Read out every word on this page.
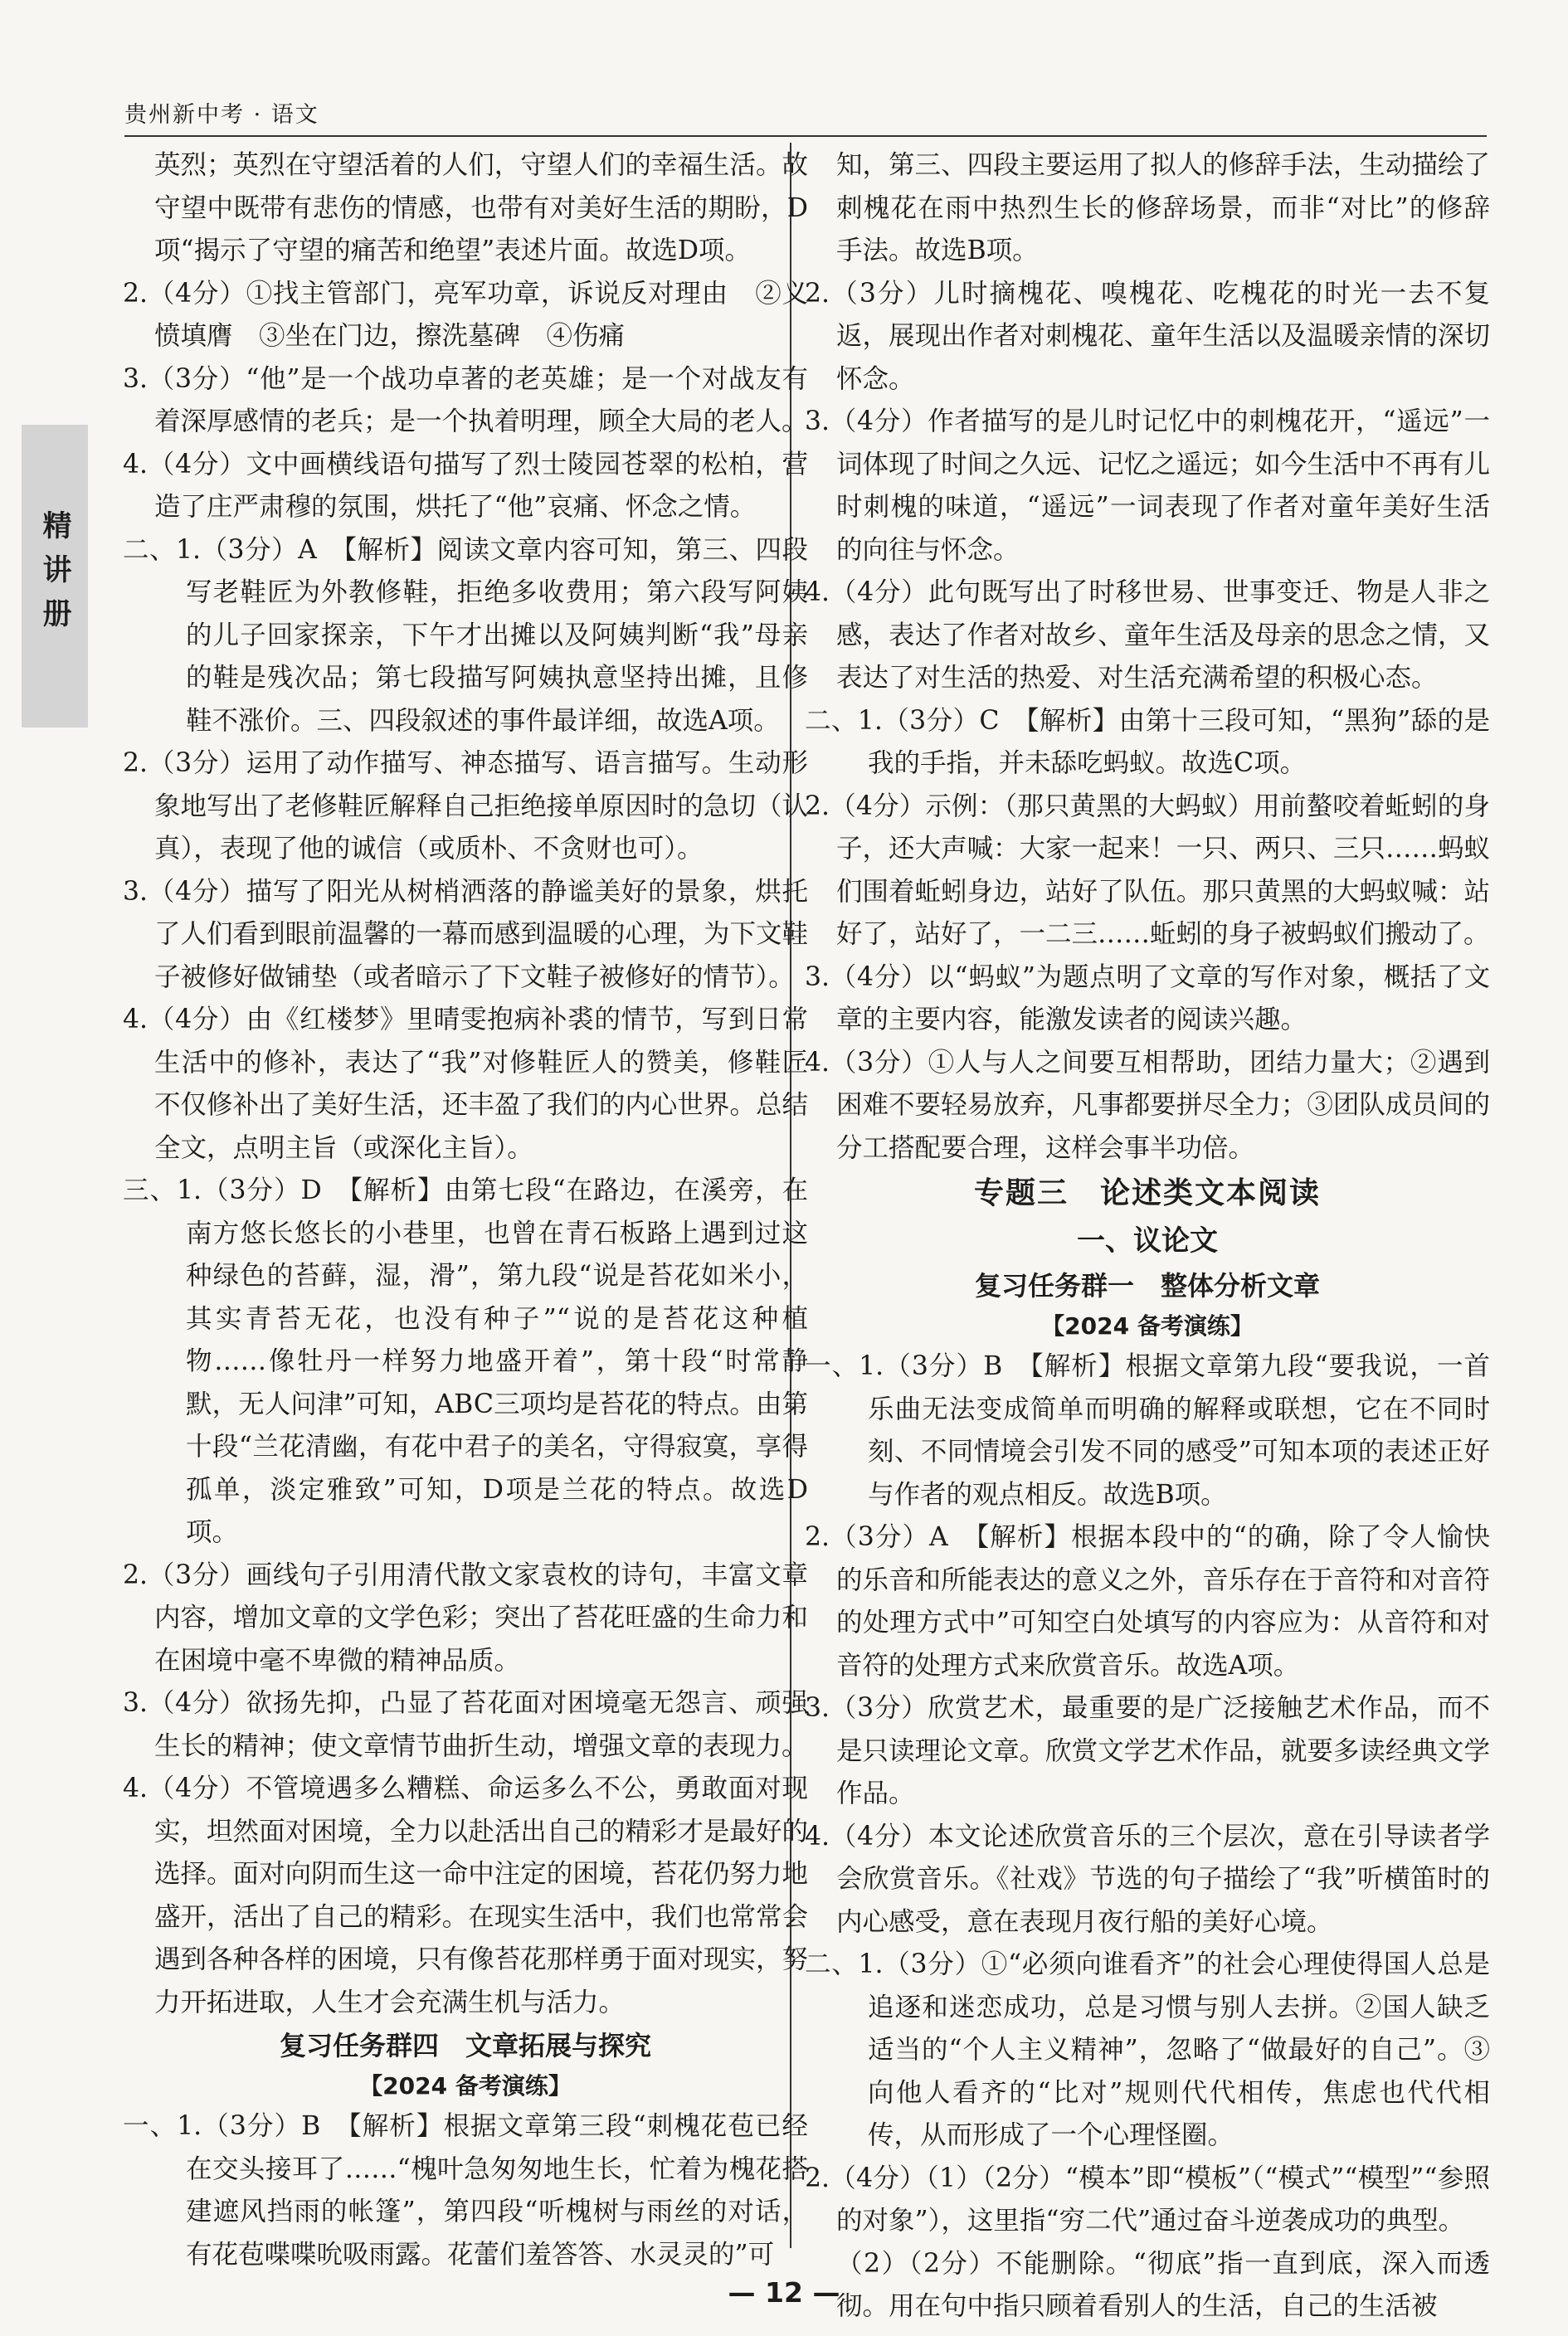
贵州新中考 · 语文
精讲册

英烈；英烈在守望活着的人们，守望人们的幸福生活。故守望中既带有悲伤的情感，也带有对美好生活的期盼，D项“揭示了守望的痛苦和绝望”表述片面。故选D项。

2.（4分）①找主管部门，亮军功章，诉说反对理由　②义愤填膺　③坐在门边，擦洗墓碑　④伤痛

3.（3分）“他”是一个战功卓著的老英雄；是一个对战友有着深厚感情的老兵；是一个执着明理，顾全大局的老人。

4.（4分）文中画横线语句描写了烈士陵园苍翠的松柏，营造了庄严肃穆的氛围，烘托了“他”哀痛、怀念之情。

二、1.（3分）A　【解析】阅读文章内容可知，第三、四段写老鞋匠为外教修鞋，拒绝多收费用；第六段写阿姨的儿子回家探亲，下午才出摊以及阿姨判断“我”母亲的鞋是残次品；第七段描写阿姨执意坚持出摊，且修鞋不涨价。三、四段叙述的事件最详细，故选A项。

2.（3分）运用了动作描写、神态描写、语言描写。生动形象地写出了老修鞋匠解释自己拒绝接单原因时的急切（认真），表现了他的诚信（或质朴、不贪财也可）。

3.（4分）描写了阳光从树梢洒落的静谧美好的景象，烘托了人们看到眼前温馨的一幕而感到温暖的心理，为下文鞋子被修好做铺垫（或者暗示了下文鞋子被修好的情节）。

4.（4分）由《红楼梦》里晴雯抱病补裘的情节，写到日常生活中的修补，表达了“我”对修鞋匠人的赞美，修鞋匠不仅修补出了美好生活，还丰盈了我们的内心世界。总结全文，点明主旨（或深化主旨）。

三、1.（3分）D　【解析】由第七段“在路边，在溪旁，在南方悠长悠长的小巷里，也曾在青石板路上遇到过这种绿色的苔藓，湿，滑”，第九段“说是苔花如米小，其实青苔无花，也没有种子”“说的是苔花这种植物……像牡丹一样努力地盛开着”，第十段“时常静默，无人问津”可知，ABC三项均是苔花的特点。由第十段“兰花清幽，有花中君子的美名，守得寂寞，享得孤单，淡定雅致”可知，D项是兰花的特点。故选D项。

2.（3分）画线句子引用清代散文家袁枚的诗句，丰富文章内容，增加文章的文学色彩；突出了苔花旺盛的生命力和在困境中毫不卑微的精神品质。

3.（4分）欲扬先抑，凸显了苔花面对困境毫无怨言、顽强生长的精神；使文章情节曲折生动，增强文章的表现力。

4.（4分）不管境遇多么糟糕、命运多么不公，勇敢面对现实，坦然面对困境，全力以赴活出自己的精彩才是最好的选择。面对向阴而生这一命中注定的困境，苔花仍努力地盛开，活出了自己的精彩。在现实生活中，我们也常常会遇到各种各样的困境，只有像苔花那样勇于面对现实，努力开拓进取，人生才会充满生机与活力。

复习任务群四　文章拓展与探究

【2024 备考演练】

一、1.（3分）B　【解析】根据文章第三段“刺槐花苞已经在交头接耳了……“槐叶急匆匆地生长，忙着为槐花搭建遮风挡雨的帐篷”，第四段“听槐树与雨丝的对话，有花苞喋喋吮吸雨露。花蕾们羞答答、水灵灵的”可

知，第三、四段主要运用了拟人的修辞手法，生动描绘了刺槐花在雨中热烈生长的修辞场景，而非“对比”的修辞手法。故选B项。

2.（3分）儿时摘槐花、嗅槐花、吃槐花的时光一去不复返，展现出作者对刺槐花、童年生活以及温暖亲情的深切怀念。

3.（4分）作者描写的是儿时记忆中的刺槐花开，“遥远”一词体现了时间之久远、记忆之遥远；如今生活中不再有儿时刺槐的味道，“遥远”一词表现了作者对童年美好生活的向往与怀念。

4.（4分）此句既写出了时移世易、世事变迁、物是人非之感，表达了作者对故乡、童年生活及母亲的思念之情，又表达了对生活的热爱、对生活充满希望的积极心态。

二、1.（3分）C　【解析】由第十三段可知，“黑狗”舔的是我的手指，并未舔吃蚂蚁。故选C项。

2.（4分）示例：（那只黄黑的大蚂蚁）用前螯咬着蚯蚓的身子，还大声喊：大家一起来！一只、两只、三只……蚂蚁们围着蚯蚓身边，站好了队伍。那只黄黑的大蚂蚁喊：站好了，站好了，一二三……蚯蚓的身子被蚂蚁们搬动了。

3.（4分）以“蚂蚁”为题点明了文章的写作对象，概括了文章的主要内容，能激发读者的阅读兴趣。

4.（3分）①人与人之间要互相帮助，团结力量大；②遇到困难不要轻易放弃，凡事都要拼尽全力；③团队成员间的分工搭配要合理，这样会事半功倍。

专题三　论述类文本阅读

一、议论文

复习任务群一　整体分析文章

【2024 备考演练】

一、1.（3分）B　【解析】根据文章第九段“要我说，一首乐曲无法变成简单而明确的解释或联想，它在不同时刻、不同情境会引发不同的感受”可知本项的表述正好与作者的观点相反。故选B项。

2.（3分）A　【解析】根据本段中的“的确，除了令人愉快的乐音和所能表达的意义之外，音乐存在于音符和对音符的处理方式中”可知空白处填写的内容应为：从音符和对音符的处理方式来欣赏音乐。故选A项。

3.（3分）欣赏艺术，最重要的是广泛接触艺术作品，而不是只读理论文章。欣赏文学艺术作品，就要多读经典文学作品。

4.（4分）本文论述欣赏音乐的三个层次，意在引导读者学会欣赏音乐。《社戏》节选的句子描绘了“我”听横笛时的内心感受，意在表现月夜行船的美好心境。

二、1.（3分）①“必须向谁看齐”的社会心理使得国人总是追逐和迷恋成功，总是习惯与别人去拼。②国人缺乏适当的“个人主义精神”，忽略了“做最好的自己”。③向他人看齐的“比对”规则代代相传，焦虑也代代相传，从而形成了一个心理怪圈。

2.（4分）（1）（2分）“模本”即“模板”（“模式”“模型”“参照的对象”），这里指“穷二代”通过奋斗逆袭成功的典型。

（2）（2分）不能删除。“彻底”指一直到底，深入而透彻。用在句中指只顾着看别人的生活，自己的生活被

— 12 —
